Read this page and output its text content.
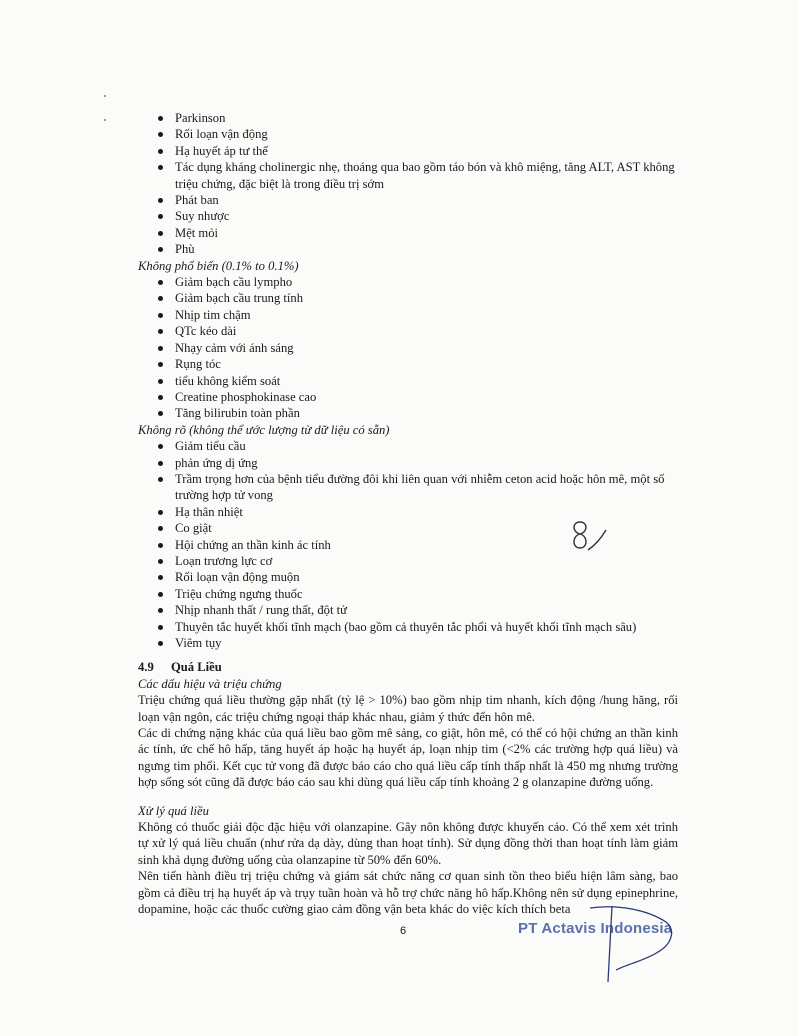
Parkinson
Rối loạn vận động
Hạ huyết áp tư thế
Tác dụng kháng cholinergic nhẹ, thoáng qua bao gồm táo bón và khô miệng, tăng ALT, AST không triệu chứng, đặc biệt là trong điều trị sớm
Phát ban
Suy nhược
Mệt mỏi
Phù
Không phổ biến (0.1% to 0.1%)
Giảm bạch cầu lympho
Giảm bạch cầu trung tính
Nhịp tim chậm
QTc kéo dài
Nhạy cảm với ánh sáng
Rụng tóc
tiểu không kiểm soát
Creatine phosphokinase cao
Tăng bilirubin toàn phần
Không rõ (không thể ước lượng từ dữ liệu có sẵn)
Giảm tiểu cầu
phản ứng dị ứng
Trầm trọng hơn của bệnh tiểu đường đôi khi liên quan với nhiễm ceton acid hoặc hôn mê, một số trường hợp tử vong
Hạ thân nhiệt
Co giật
Hội chứng an thần kinh ác tính
Loạn trương lực cơ
Rối loạn vận động muộn
Triệu chứng ngưng thuốc
Nhịp nhanh thất / rung thất, đột tử
Thuyên tắc huyết khối tĩnh mạch (bao gồm cả thuyên tắc phổi và huyết khối tĩnh mạch sâu)
Viêm tụy
4.9 Quá Liều
Các dấu hiệu và triệu chứng

Triệu chứng quá liều thường gặp nhất (tỷ lệ > 10%) bao gồm nhịp tim nhanh, kích động /hung hăng, rối loạn vận ngôn, các triệu chứng ngoại tháp khác nhau, giảm ý thức đến hôn mê.

Các di chứng nặng khác của quá liều bao gồm mê sảng, co giật, hôn mê, có thể có hội chứng an thần kinh ác tính, ức chế hô hấp, tăng huyết áp hoặc hạ huyết áp, loạn nhịp tim (<2% các trường hợp quá liều) và ngưng tim phổi. Kết cục tử vong đã được báo cáo cho quá liều cấp tính thấp nhất là 450 mg nhưng trường hợp sống sót cũng đã được báo cáo sau khi dùng quá liều cấp tính khoảng 2 g olanzapine đường uống.

Xử lý quá liều

Không có thuốc giải độc đặc hiệu với olanzapine. Gây nôn không được khuyến cáo. Có thể xem xét trình tự xử lý quá liều chuẩn (như rửa dạ dày, dùng than hoạt tính). Sử dụng đồng thời than hoạt tính làm giảm sinh khả dụng đường uống của olanzapine từ 50% đến 60%.

Nên tiến hành điều trị triệu chứng và giám sát chức năng cơ quan sinh tồn theo biểu hiện lâm sàng, bao gồm cả điều trị hạ huyết áp và trụy tuần hoàn và hỗ trợ chức năng hô hấp.Không nên sử dụng epinephrine, dopamine, hoặc các thuốc cường giao cảm đồng vận beta khác do việc kích thích beta

6	PT Actavis Indonesia
